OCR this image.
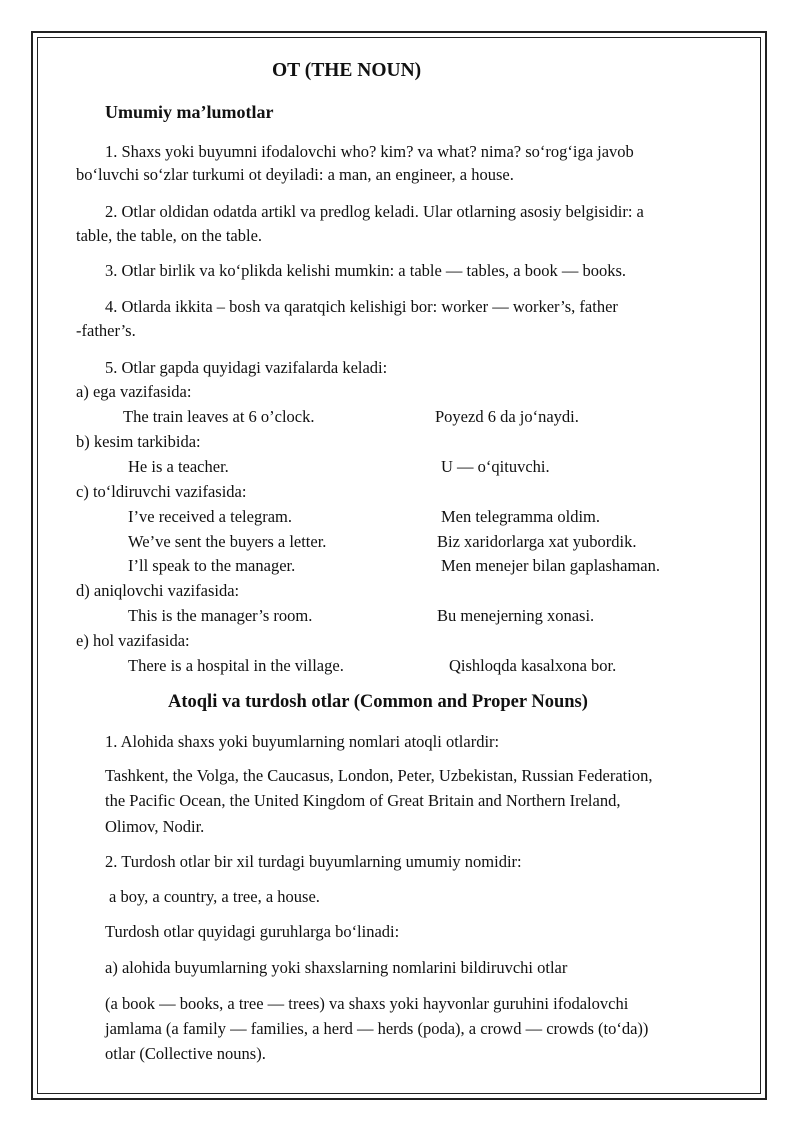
OT (THE NOUN)
Umumiy ma’lumotlar
1. Shaxs yoki buyumni ifodalovchi who? kim? va what? nima? so‘rog‘iga javob
bo‘luvchi so‘zlar turkumi ot deyiladi: a man, an engineer, a house.
2. Otlar oldidan odatda artikl va predlog keladi. Ular otlarning asosiy belgisidir: a
table, the table, on the table.
3. Otlar birlik va ko‘plikda kelishi mumkin: a table — tables, a book — books.
4. Otlarda ikkita – bosh va qaratqich kelishigi bor: worker — worker’s, father
-father’s.
5. Otlar gapda quyidagi vazifalarda keladi:
a) ega vazifasida:
The train leaves at 6 o’clock.	Poyezd 6 da jo‘naydi.
b) kesim tarkibida:
He is a teacher.	U — o‘qituvchi.
c) to‘ldiruvchi vazifasida:
I’ve received a telegram.	Men telegramma oldim.
We’ve sent the buyers a letter.	Biz xaridorlarga xat yubordik.
I’ll speak to the manager.	Men menejer bilan gaplashaman.
d) aniqlovchi vazifasida:
This is the manager’s room.	Bu menejerning xonasi.
e) hol vazifasida:
There is a hospital in the village.	Qishloqda kasalxona bor.
Atoqli va turdosh otlar (Common and Proper Nouns)
1. Alohida shaxs yoki buyumlarning nomlari atoqli otlardir:
Tashkent, the Volga, the Caucasus, London, Peter, Uzbekistan, Russian Federation,
the Pacific Ocean, the United Kingdom of Great Britain and Northern Ireland,
Olimov, Nodir.
2. Turdosh otlar bir xil turdagi buyumlarning umumiy nomidir:
a boy, a country, a tree, a house.
Turdosh otlar quyidagi guruhlarga bo‘linadi:
a) alohida buyumlarning yoki shaxslarning nomlarini bildiruvchi otlar
(a book — books, a tree — trees) va shaxs yoki hayvonlar guruhini ifodalovchi
jamlama (a family — families, a herd — herds (poda), a crowd — crowds (to‘da))
otlar (Collective nouns).
